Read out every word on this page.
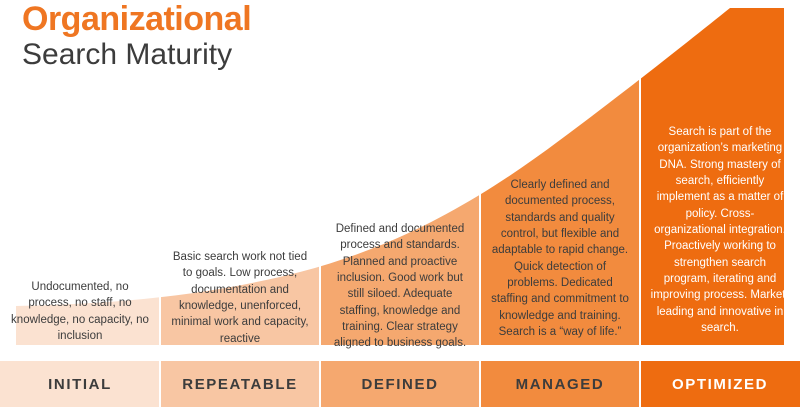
Organizational
Search Maturity
Undocumented, no process, no staff, no knowledge, no capacity, no inclusion
INITIAL
Basic search work not tied to goals. Low process, documentation and knowledge, unenforced, minimal work and capacity, reactive
REPEATABLE
Defined and documented process and standards. Planned and proactive inclusion. Good work but still siloed. Adequate staffing, knowledge and training. Clear strategy aligned to business goals.
DEFINED
Clearly defined and documented process, standards and quality control, but flexible and adaptable to rapid change. Quick detection of problems. Dedicated staffing and commitment to knowledge and training. Search is a “way of life.”
MANAGED
Search is part of the organization’s marketing DNA. Strong mastery of search, efficiently implement as a matter of policy. Cross-organizational integration. Proactively working to strengthen search program, iterating and improving process. Market-leading and innovative in search.
OPTIMIZED
